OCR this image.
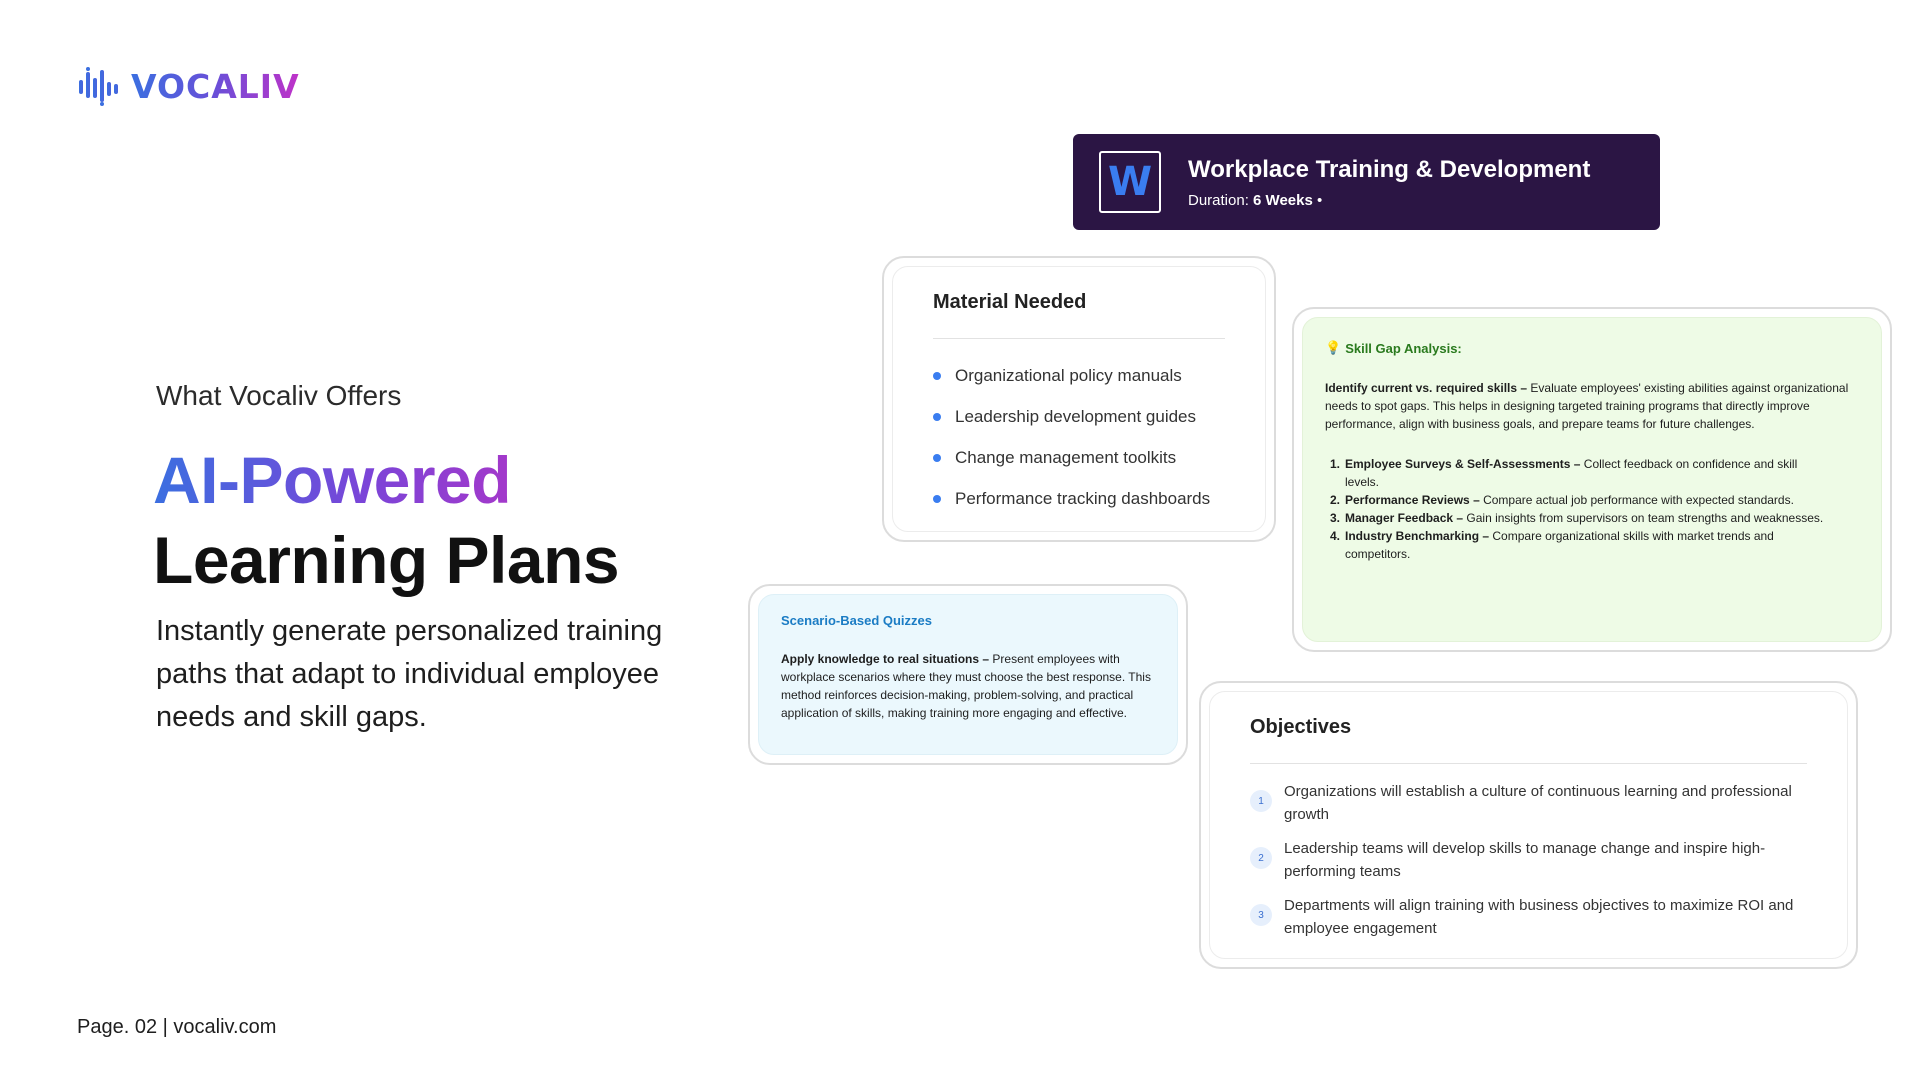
VOCALIV
What Vocaliv Offers
AI-Powered
Learning Plans

Instantly generate personalized training paths that adapt to individual employee needs and skill gaps.

W Workplace Training & Development
Duration: 6 Weeks •
Material Needed
Organizational policy manuals
Leadership development guides
Change management toolkits
Performance tracking dashboards
💡 Skill Gap Analysis:

Identify current vs. required skills – Evaluate employees' existing abilities against organizational needs to spot gaps. This helps in designing targeted training programs that directly improve performance, align with business goals, and prepare teams for future challenges.

1. Employee Surveys & Self-Assessments – Collect feedback on confidence and skill levels.
2. Performance Reviews – Compare actual job performance with expected standards.
3. Manager Feedback – Gain insights from supervisors on team strengths and weaknesses.
4. Industry Benchmarking – Compare organizational skills with market trends and competitors.
Scenario-Based Quizzes

Apply knowledge to real situations – Present employees with workplace scenarios where they must choose the best response. This method reinforces decision-making, problem-solving, and practical application of skills, making training more engaging and effective.

Objectives
1
Organizations will establish a culture of continuous learning and professional growth
2
Leadership teams will develop skills to manage change and inspire high-performing teams
3
Departments will align training with business objectives to maximize ROI and employee engagement
Page. 02 | vocaliv.com
